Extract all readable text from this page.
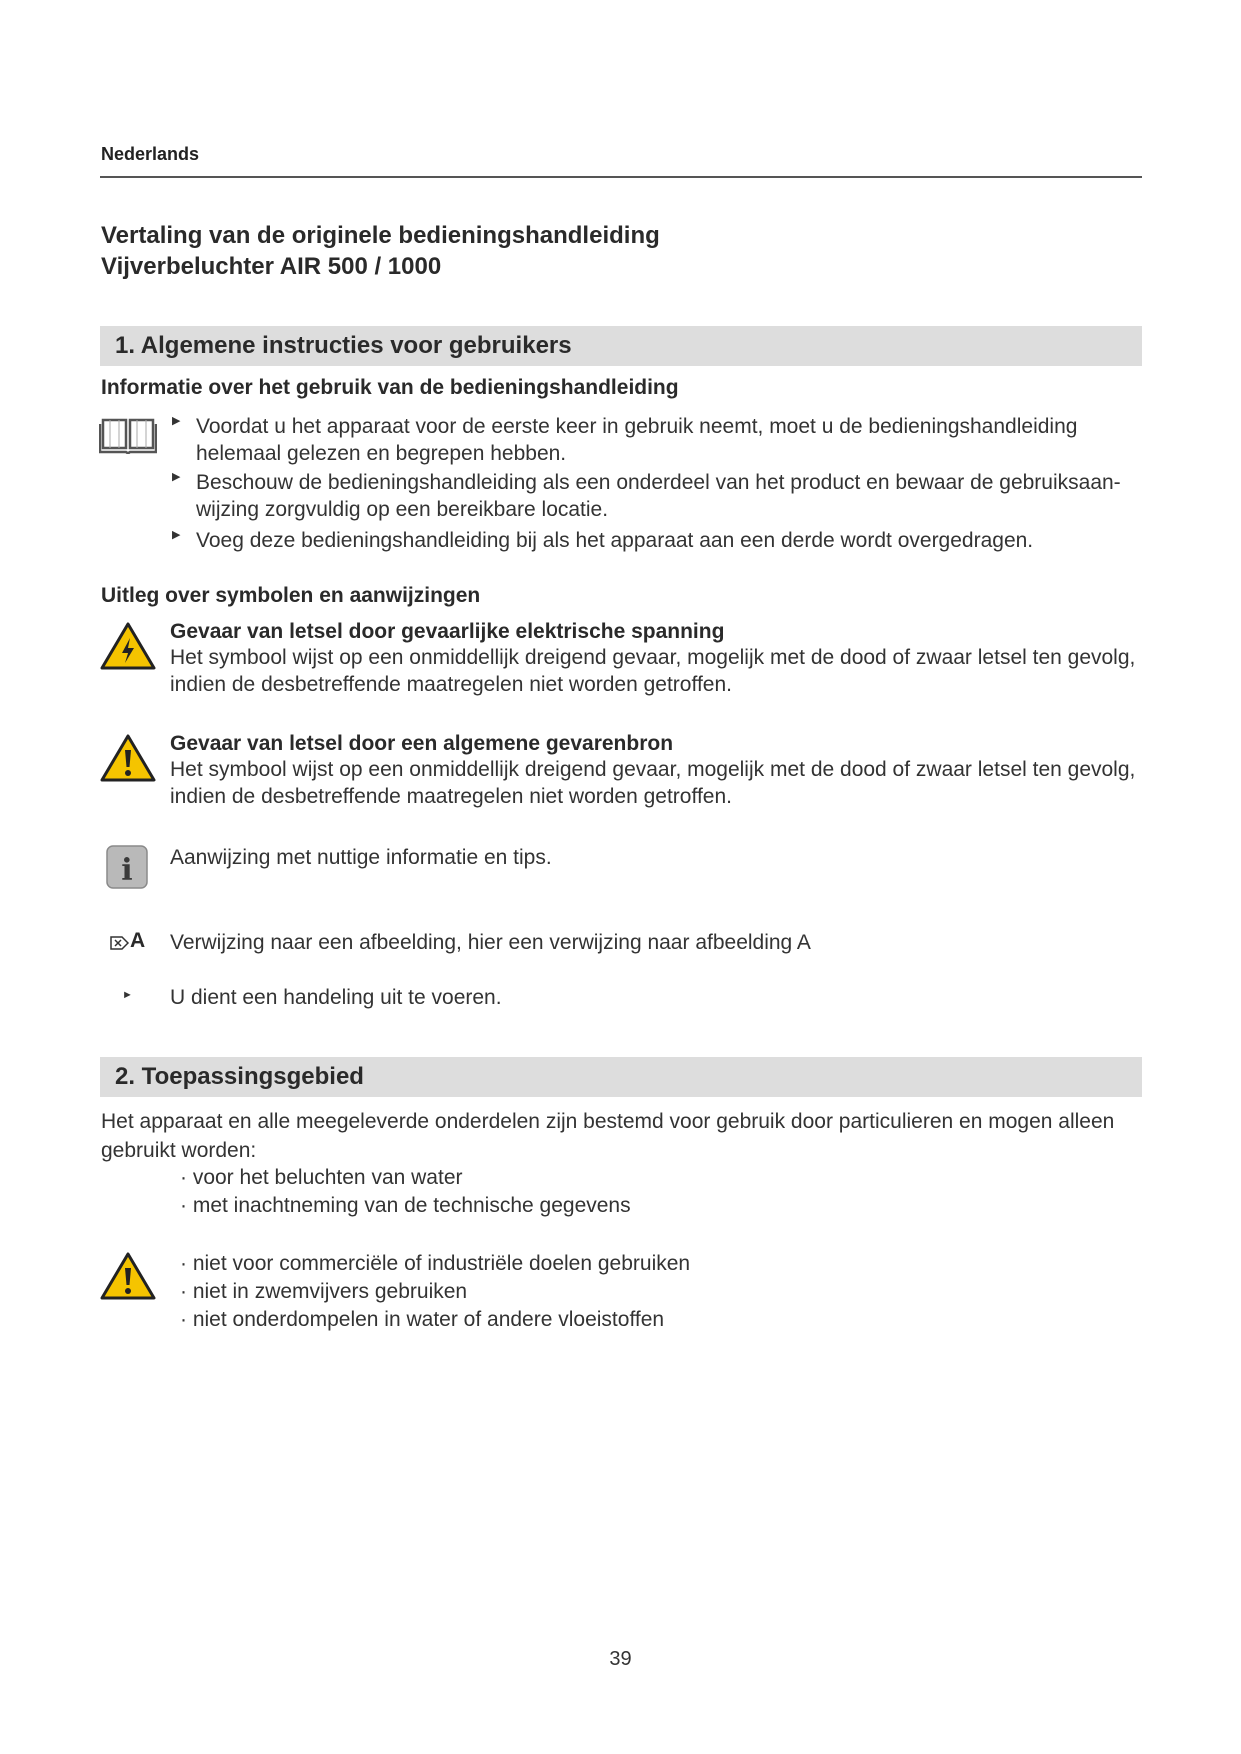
Nederlands
Vertaling van de originele bedieningshandleiding
Vijverbeluchter AIR 500 / 1000
1. Algemene instructies voor gebruikers
Informatie over het gebruik van de bedieningshandleiding
▶ Voordat u het apparaat voor de eerste keer in gebruik neemt, moet u de bedieningshandleiding helemaal gelezen en begrepen hebben.
▶ Beschouw de bedieningshandleiding als een onderdeel van het product en bewaar de gebruiksaan-wijzing zorgvuldig op een bereikbare locatie.
▶ Voeg deze bedieningshandleiding bij als het apparaat aan een derde wordt overgedragen.
Uitleg over symbolen en aanwijzingen
Gevaar van letsel door gevaarlijke elektrische spanning
Het symbool wijst op een onmiddellijk dreigend gevaar, mogelijk met de dood of zwaar letsel ten gevolg, indien de desbetreffende maatregelen niet worden getroffen.
Gevaar van letsel door een algemene gevarenbron
Het symbool wijst op een onmiddellijk dreigend gevaar, mogelijk met de dood of zwaar letsel ten gevolg, indien de desbetreffende maatregelen niet worden getroffen.
i Aanwijzing met nuttige informatie en tips.
A Verwijzing naar een afbeelding, hier een verwijzing naar afbeelding A
► U dient een handeling uit te voeren.
2. Toepassingsgebied
Het apparaat en alle meegeleverde onderdelen zijn bestemd voor gebruik door particulieren en mogen alleen gebruikt worden:
· voor het beluchten van water
· met inachtneming van de technische gegevens
· niet voor commerciële of industriële doelen gebruiken
· niet in zwemvijvers gebruiken
· niet onderdompelen in water of andere vloeistoffen
39
